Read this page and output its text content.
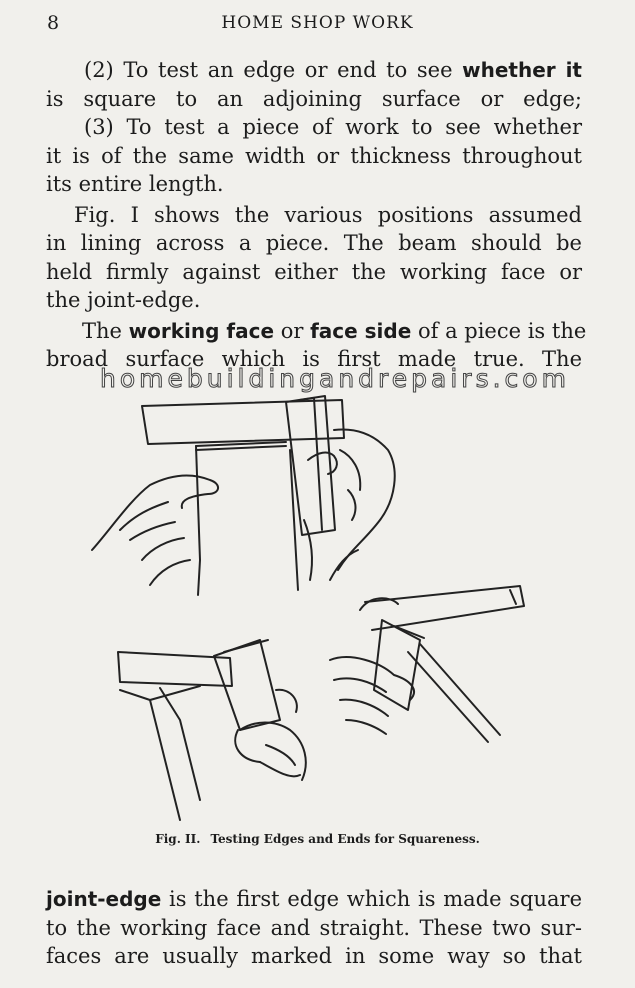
8	HOME SHOP WORK
(2) To test an edge or end to see whether it
is square to an adjoining surface or edge;
(3) To test a piece of work to see whether
it is of the same width or thickness throughout
its entire length.
Fig. I shows the various positions assumed
in lining across a piece. The beam should be
held firmly against either the working face or
the joint-edge.
The working face or face side of a piece is the
broad surface which is first made true. The
homebuildingandrepairs.com
Fig. II. Testing Edges and Ends for Squareness.
joint-edge is the first edge which is made square
to the working face and straight. These two sur-
faces are usually marked in some way so that
